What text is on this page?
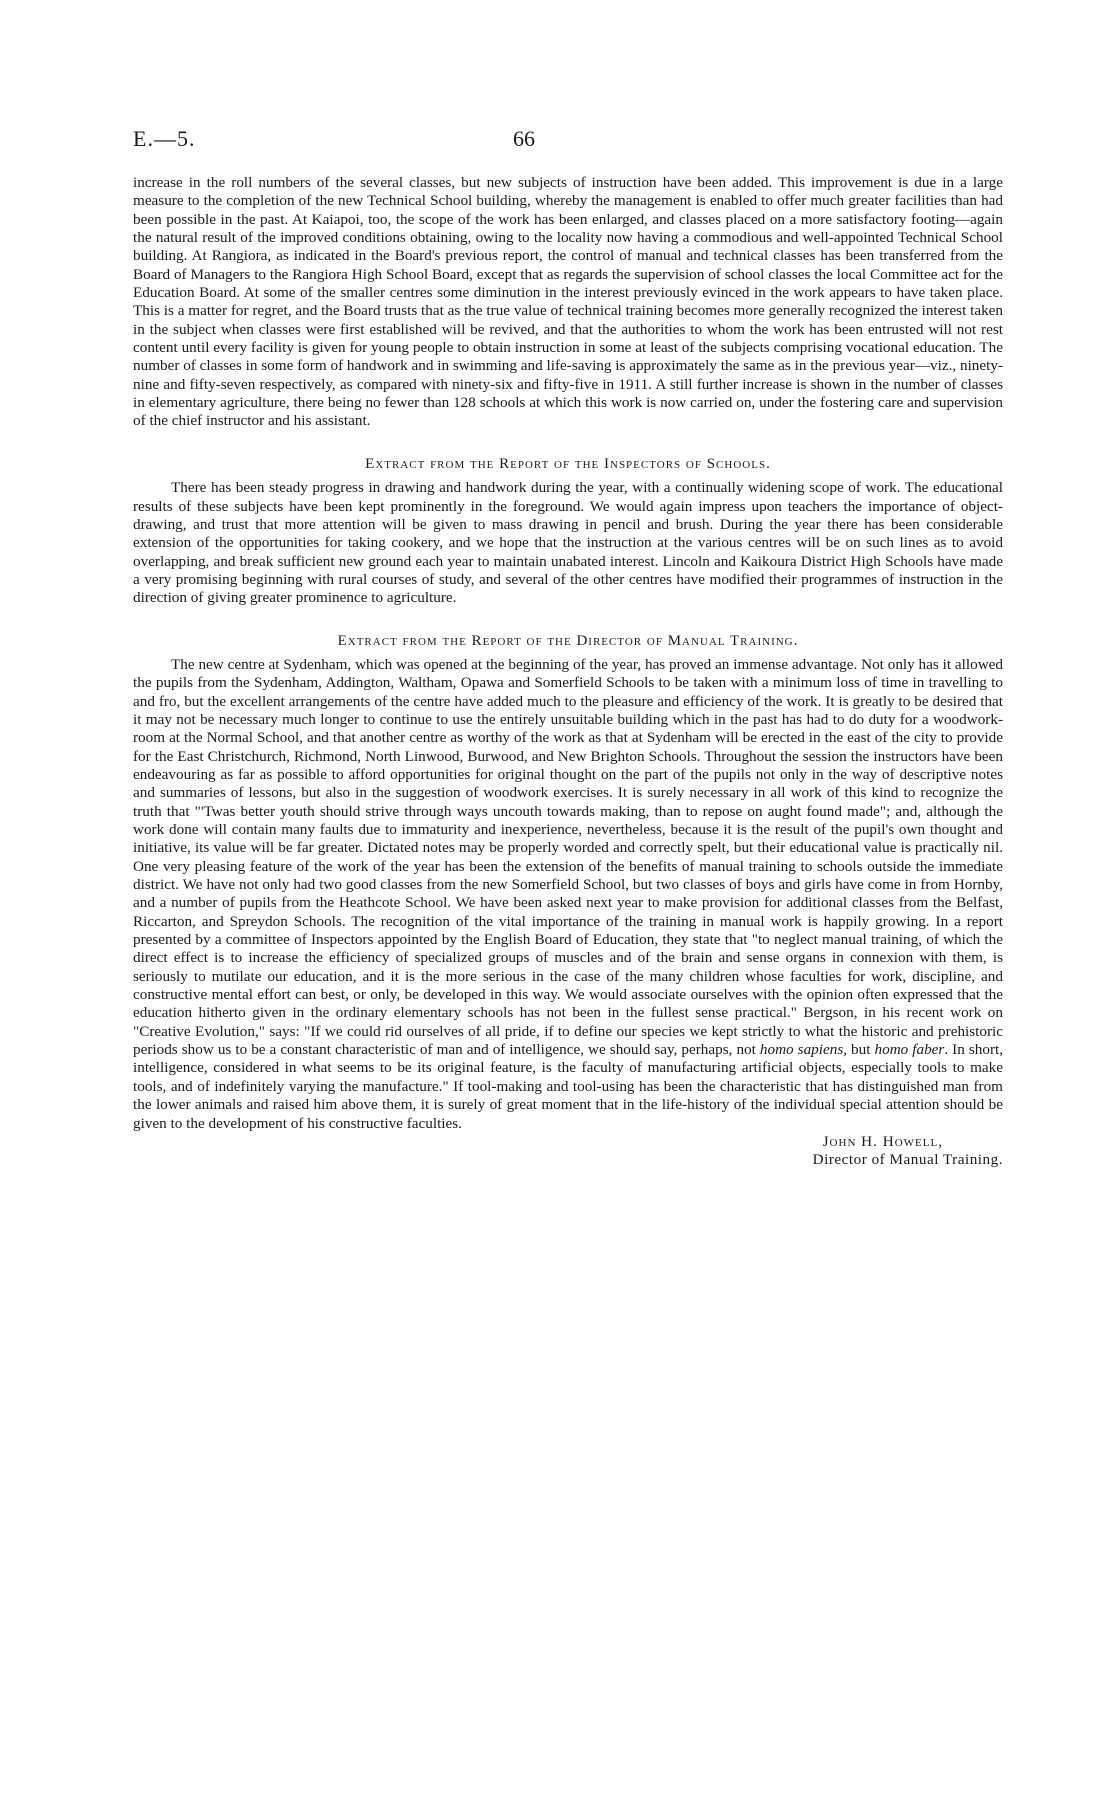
E.—5.	66

increase in the roll numbers of the several classes, but new subjects of instruction have been added. This improvement is due in a large measure to the completion of the new Technical School building, whereby the management is enabled to offer much greater facilities than had been possible in the past. At Kaiapoi, too, the scope of the work has been enlarged, and classes placed on a more satisfactory footing—again the natural result of the improved conditions obtaining, owing to the locality now having a commodious and well-appointed Technical School building. At Rangiora, as indicated in the Board's previous report, the control of manual and technical classes has been transferred from the Board of Managers to the Rangiora High School Board, except that as regards the supervision of school classes the local Committee act for the Education Board. At some of the smaller centres some diminution in the interest previously evinced in the work appears to have taken place. This is a matter for regret, and the Board trusts that as the true value of technical training becomes more generally recognized the interest taken in the subject when classes were first established will be revived, and that the authorities to whom the work has been entrusted will not rest content until every facility is given for young people to obtain instruction in some at least of the subjects comprising vocational education. The number of classes in some form of handwork and in swimming and life-saving is approximately the same as in the previous year—viz., ninety-nine and fifty-seven respectively, as compared with ninety-six and fifty-five in 1911. A still further increase is shown in the number of classes in elementary agriculture, there being no fewer than 128 schools at which this work is now carried on, under the fostering care and supervision of the chief instructor and his assistant.

Extract from the Report of the Inspectors of Schools.

There has been steady progress in drawing and handwork during the year, with a continually widening scope of work. The educational results of these subjects have been kept prominently in the foreground. We would again impress upon teachers the importance of object-drawing, and trust that more attention will be given to mass drawing in pencil and brush. During the year there has been considerable extension of the opportunities for taking cookery, and we hope that the instruction at the various centres will be on such lines as to avoid overlapping, and break sufficient new ground each year to maintain unabated interest. Lincoln and Kaikoura District High Schools have made a very promising beginning with rural courses of study, and several of the other centres have modified their programmes of instruction in the direction of giving greater prominence to agriculture.

Extract from the Report of the Director of Manual Training.

The new centre at Sydenham, which was opened at the beginning of the year, has proved an immense advantage. Not only has it allowed the pupils from the Sydenham, Addington, Waltham, Opawa and Somerfield Schools to be taken with a minimum loss of time in travelling to and fro, but the excellent arrangements of the centre have added much to the pleasure and efficiency of the work. It is greatly to be desired that it may not be necessary much longer to continue to use the entirely unsuitable building which in the past has had to do duty for a woodwork-room at the Normal School, and that another centre as worthy of the work as that at Sydenham will be erected in the east of the city to provide for the East Christchurch, Richmond, North Linwood, Burwood, and New Brighton Schools. Throughout the session the instructors have been endeavouring as far as possible to afford opportunities for original thought on the part of the pupils not only in the way of descriptive notes and summaries of lessons, but also in the suggestion of woodwork exercises. It is surely necessary in all work of this kind to recognize the truth that "'Twas better youth should strive through ways uncouth towards making, than to repose on aught found made"; and, although the work done will contain many faults due to immaturity and inexperience, nevertheless, because it is the result of the pupil's own thought and initiative, its value will be far greater. Dictated notes may be properly worded and correctly spelt, but their educational value is practically nil. One very pleasing feature of the work of the year has been the extension of the benefits of manual training to schools outside the immediate district. We have not only had two good classes from the new Somerfield School, but two classes of boys and girls have come in from Hornby, and a number of pupils from the Heathcote School. We have been asked next year to make provision for additional classes from the Belfast, Riccarton, and Spreydon Schools. The recognition of the vital importance of the training in manual work is happily growing. In a report presented by a committee of Inspectors appointed by the English Board of Education, they state that "to neglect manual training, of which the direct effect is to increase the efficiency of specialized groups of muscles and of the brain and sense organs in connexion with them, is seriously to mutilate our education, and it is the more serious in the case of the many children whose faculties for work, discipline, and constructive mental effort can best, or only, be developed in this way. We would associate ourselves with the opinion often expressed that the education hitherto given in the ordinary elementary schools has not been in the fullest sense practical." Bergson, in his recent work on "Creative Evolution," says: "If we could rid ourselves of all pride, if to define our species we kept strictly to what the historic and prehistoric periods show us to be a constant characteristic of man and of intelligence, we should say, perhaps, not homo sapiens, but homo faber. In short, intelligence, considered in what seems to be its original feature, is the faculty of manufacturing artificial objects, especially tools to make tools, and of indefinitely varying the manufacture." If tool-making and tool-using has been the characteristic that has distinguished man from the lower animals and raised him above them, it is surely of great moment that in the life-history of the individual special attention should be given to the development of his constructive faculties.

John H. Howell,

Director of Manual Training.
